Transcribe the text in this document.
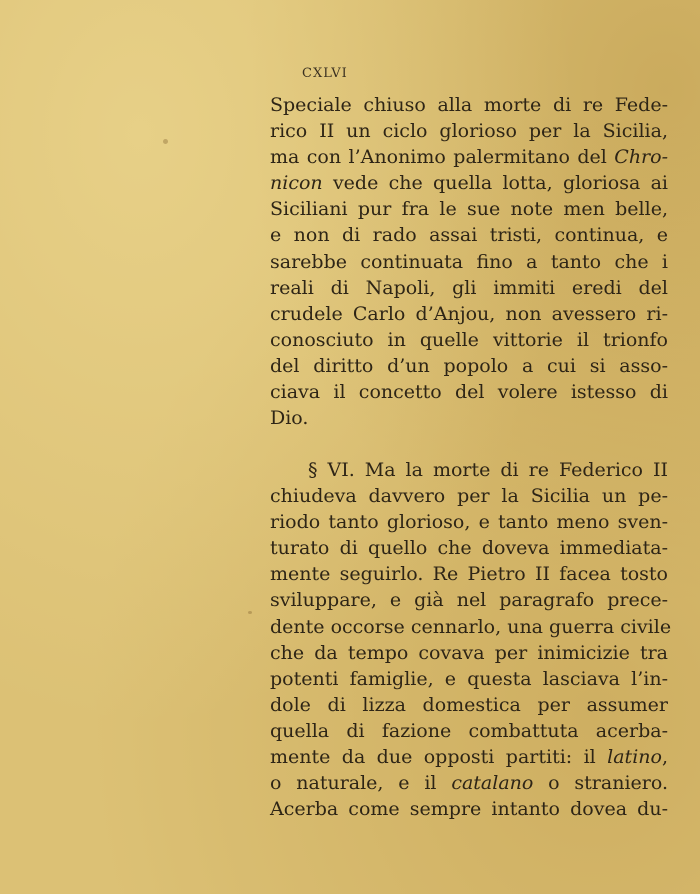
CXLVI
Speciale chiuso alla morte di re Fede-
rico II un ciclo glorioso per la Sicilia,
ma con l’Anonimo palermitano del Chro-
nicon vede che quella lotta, gloriosa ai
Siciliani pur fra le sue note men belle,
e non di rado assai tristi, continua, e
sarebbe continuata fino a tanto che i
reali di Napoli, gli immiti eredi del
crudele Carlo d’Anjou, non avessero ri-
conosciuto in quelle vittorie il trionfo
del diritto d’un popolo a cui si asso-
ciava il concetto del volere istesso di
Dio.
§ VI. Ma la morte di re Federico II
chiudeva davvero per la Sicilia un pe-
riodo tanto glorioso, e tanto meno sven-
turato di quello che doveva immediata-
mente seguirlo. Re Pietro II facea tosto
sviluppare, e già nel paragrafo prece-
dente occorse cennarlo, una guerra civile
che da tempo covava per inimicizie tra
potenti famiglie, e questa lasciava l’in-
dole di lizza domestica per assumer
quella di fazione combattuta acerba-
mente da due opposti partiti: il latino,
o naturale, e il catalano o straniero.
Acerba come sempre intanto dovea du-
